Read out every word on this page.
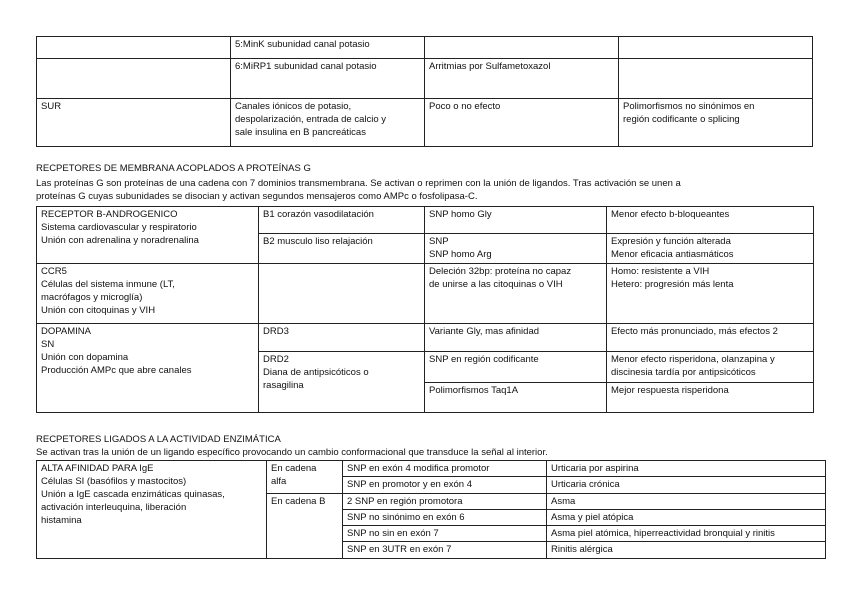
	5:MinK subunidad canal potasio		

	6:MiRP1 subunidad canal potasio	Arritmias por Sulfametoxazol	

SUR	Canales iónicos de potasio,
despolarización, entrada de calcio y
sale insulina en B pancreáticas	Poco o no efecto	Polimorfismos no sinónimos en
región codificante o splicing
RECPETORES DE MEMBRANA ACOPLADOS A PROTEÍNAS G
Las proteínas G son proteínas de una cadena con 7 dominios transmembrana. Se activan o reprimen con la unión de ligandos. Tras activación se unen a
proteínas G cuyas subunidades se disocian y activan segundos mensajeros como AMPc o fosfolipasa-C.
RECEPTOR B-ANDROGENICO
Sistema cardiovascular y respiratorio
Unión con adrenalina y noradrenalina	B1 corazón vasodilatación	SNP homo Gly	Menor efecto b-bloqueantes

	B2 musculo liso relajación	SNP
SNP homo Arg	Expresión y función alterada
Menor eficacia antiasmáticos

CCR5
Células del sistema inmune (LT,
macrófagos y microglía)
Unión con citoquinas y VIH		Deleción 32bp: proteína no capaz
de unirse a las citoquinas o VIH	Homo: resistente a VIH
Hetero: progresión más lenta

DOPAMINA
SN
Unión con dopamina
Producción AMPc que abre canales	DRD3	Variante Gly, mas afinidad	Efecto más pronunciado, más efectos 2

	DRD2
Diana de antipsicóticos o
rasagilina	SNP en región codificante	Menor efecto risperidona, olanzapina y
discinesia tardía por antipsicóticos

		Polimorfismos Taq1A	Mejor respuesta risperidona
RECPETORES LIGADOS A LA ACTIVIDAD ENZIMÁTICA
Se activan tras la unión de un ligando específico provocando un cambio conformacional que transduce la señal al interior.
ALTA AFINIDAD PARA IgE
Células SI (basófilos y mastocitos)
Unión a IgE cascada enzimáticas quinasas,
activación interleuquina, liberación
histamina	En cadena
alfa	SNP en exón 4 modifica promotor	Urticaria por aspirina
		SNP en promotor y en exón 4	Urticaria crónica

	En cadena B	2 SNP en región promotora	Asma
		SNP no sinónimo en exón 6	Asma y piel atópica
		SNP no sin en exón 7	Asma piel atómica, hiperreactividad bronquial y rinitis
		SNP en 3UTR en exón 7	Rinitis alérgica
